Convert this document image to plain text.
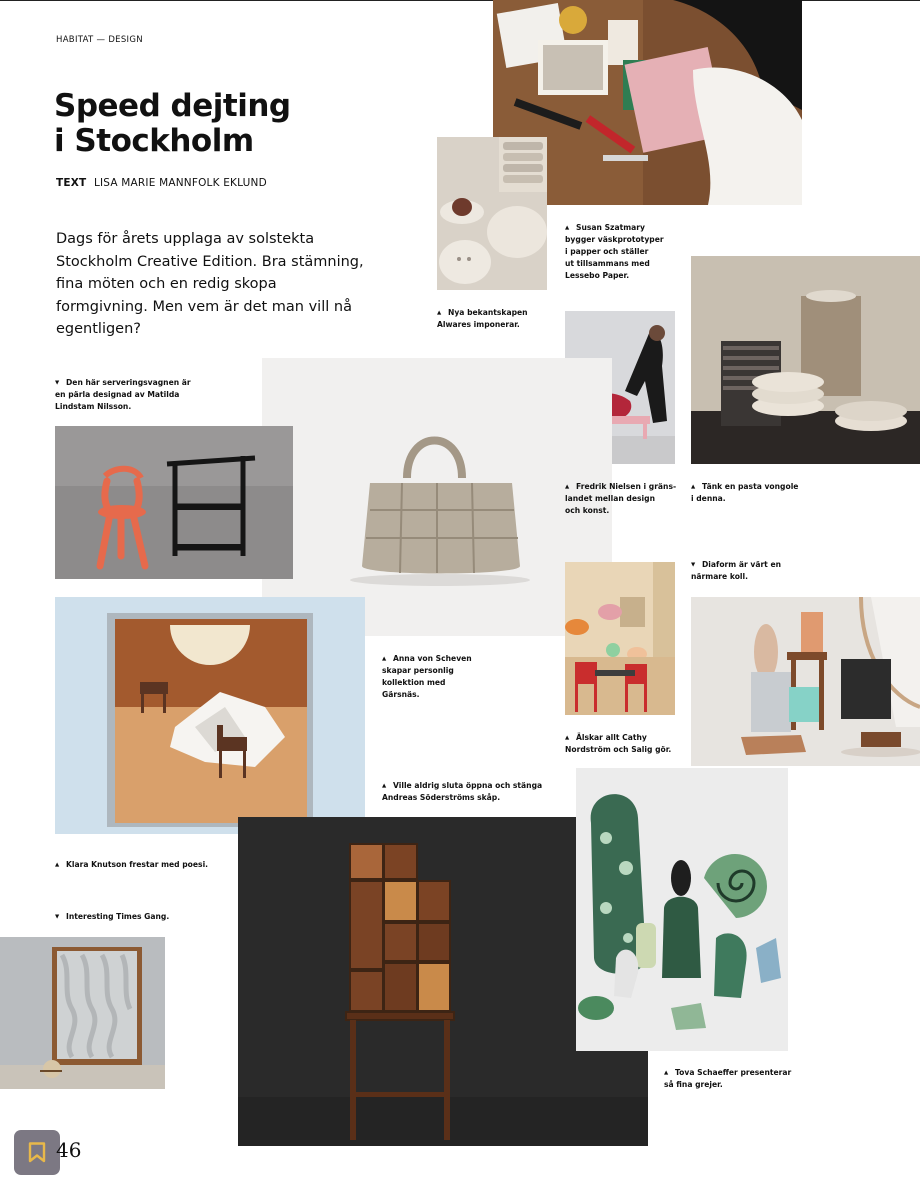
HABITAT — DESIGN
Speed dejting
i Stockholm
TEXT LISA MARIE MANNFOLK EKLUND

Dags för årets upplaga av solstekta Stockholm Creative Edition. Bra stämning, fina möten och en redig skopa formgivning. Men vem är det man vill nå egentligen?

▲ Susan Szatmary
bygger väskprototyper
i papper och ställer
ut tillsammans med
Lessebo Paper.
▲ Nya bekantskapen
Alwares imponerar.
▼ Den här serveringsvagnen är
en pärla designad av Matilda
Lindstam Nilsson.
▲ Fredrik Nielsen i gräns-
landet mellan design
och konst.
▲ Tänk en pasta vongole
i denna.
▼ Diaform är värt en
närmare koll.
▲ Anna von Scheven
skapar personlig
kollektion med
Gärsnäs.
▲ Älskar allt Cathy
Nordström och Salig gör.
▲ Ville aldrig sluta öppna och stänga
Andreas Söderströms skåp.
▲ Klara Knutson frestar med poesi.
▼ Interesting Times Gang.
▲ Tova Schaeffer presenterar
så fina grejer.
46
